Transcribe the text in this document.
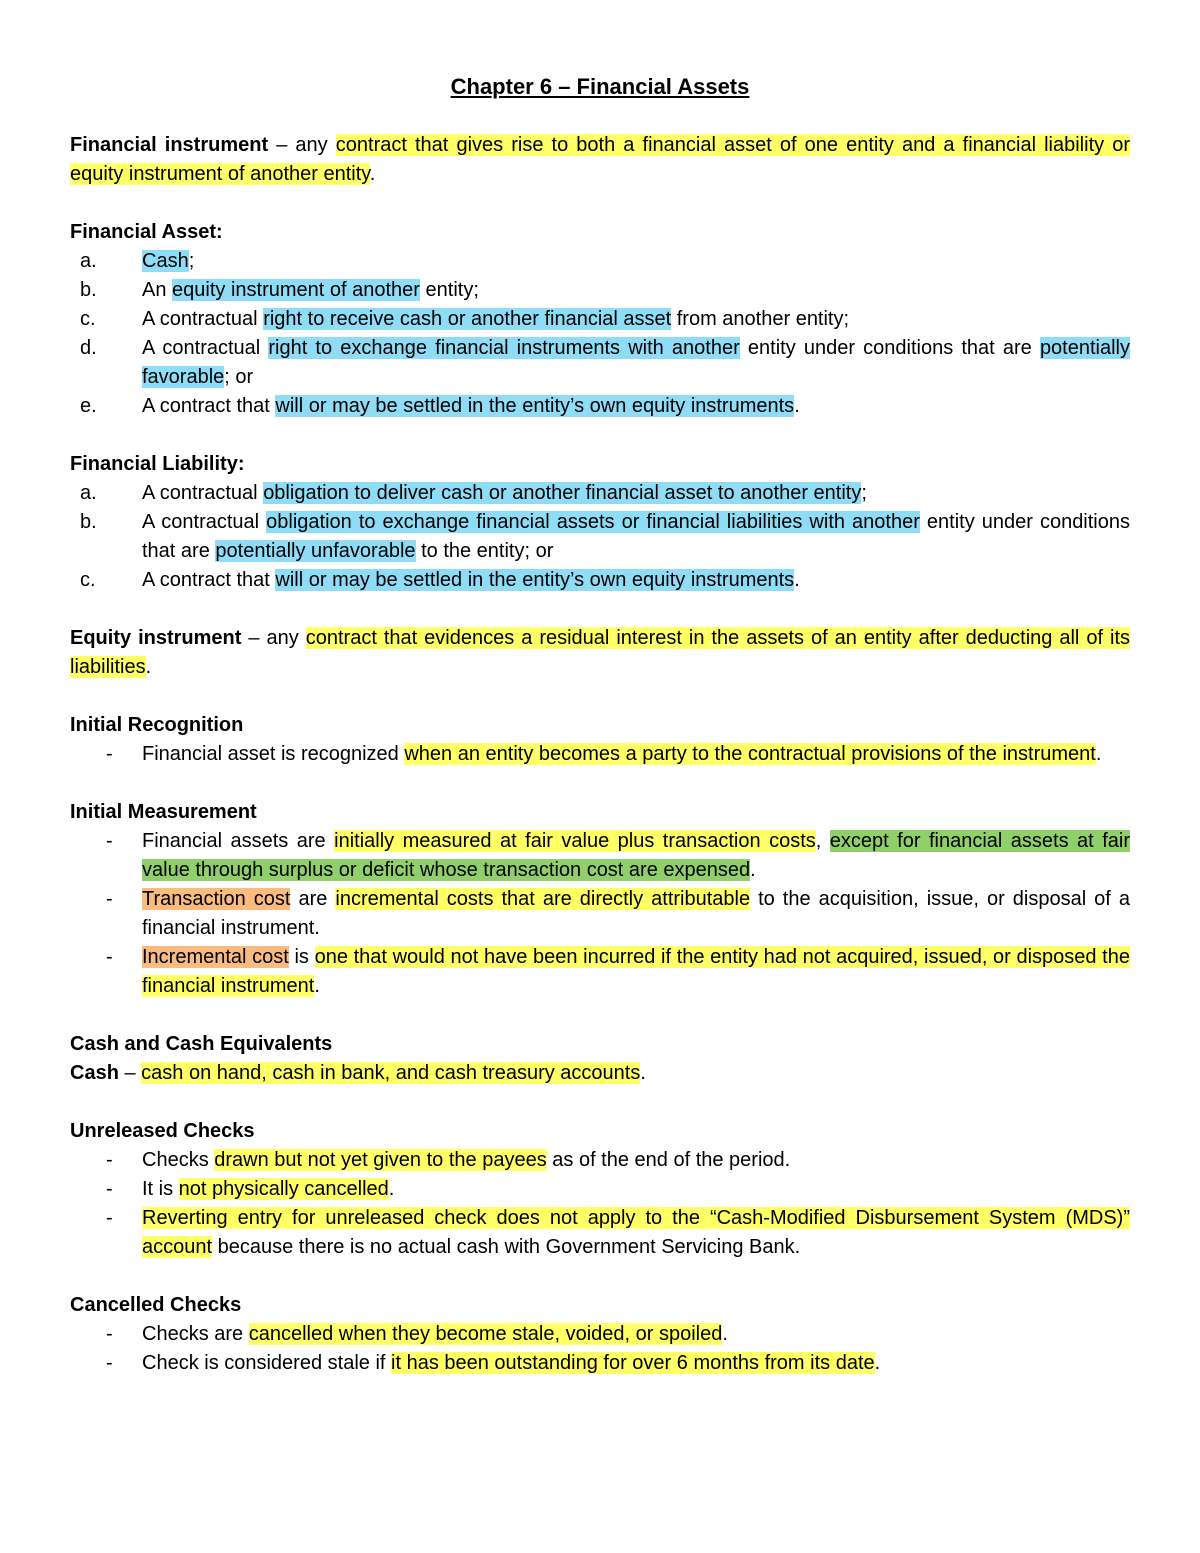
Chapter 6 – Financial Assets

Financial instrument – any contract that gives rise to both a financial asset of one entity and a financial liability or equity instrument of another entity.

Financial Asset:

a. Cash;
b. An equity instrument of another entity;
c. A contractual right to receive cash or another financial asset from another entity;
d. A contractual right to exchange financial instruments with another entity under conditions that are potentially favorable; or
e. A contract that will or may be settled in the entity’s own equity instruments.

Financial Liability:

a. A contractual obligation to deliver cash or another financial asset to another entity;
b. A contractual obligation to exchange financial assets or financial liabilities with another entity under conditions that are potentially unfavorable to the entity; or
c. A contract that will or may be settled in the entity’s own equity instruments.

Equity instrument – any contract that evidences a residual interest in the assets of an entity after deducting all of its liabilities.

Initial Recognition

- Financial asset is recognized when an entity becomes a party to the contractual provisions of the instrument.

Initial Measurement

- Financial assets are initially measured at fair value plus transaction costs, except for financial assets at fair value through surplus or deficit whose transaction cost are expensed.
- Transaction cost are incremental costs that are directly attributable to the acquisition, issue, or disposal of a financial instrument.
- Incremental cost is one that would not have been incurred if the entity had not acquired, issued, or disposed the financial instrument.

Cash and Cash Equivalents

Cash – cash on hand, cash in bank, and cash treasury accounts.

Unreleased Checks

- Checks drawn but not yet given to the payees as of the end of the period.
- It is not physically cancelled.
- Reverting entry for unreleased check does not apply to the “Cash-Modified Disbursement System (MDS)” account because there is no actual cash with Government Servicing Bank.

Cancelled Checks

- Checks are cancelled when they become stale, voided, or spoiled.
- Check is considered stale if it has been outstanding for over 6 months from its date.
